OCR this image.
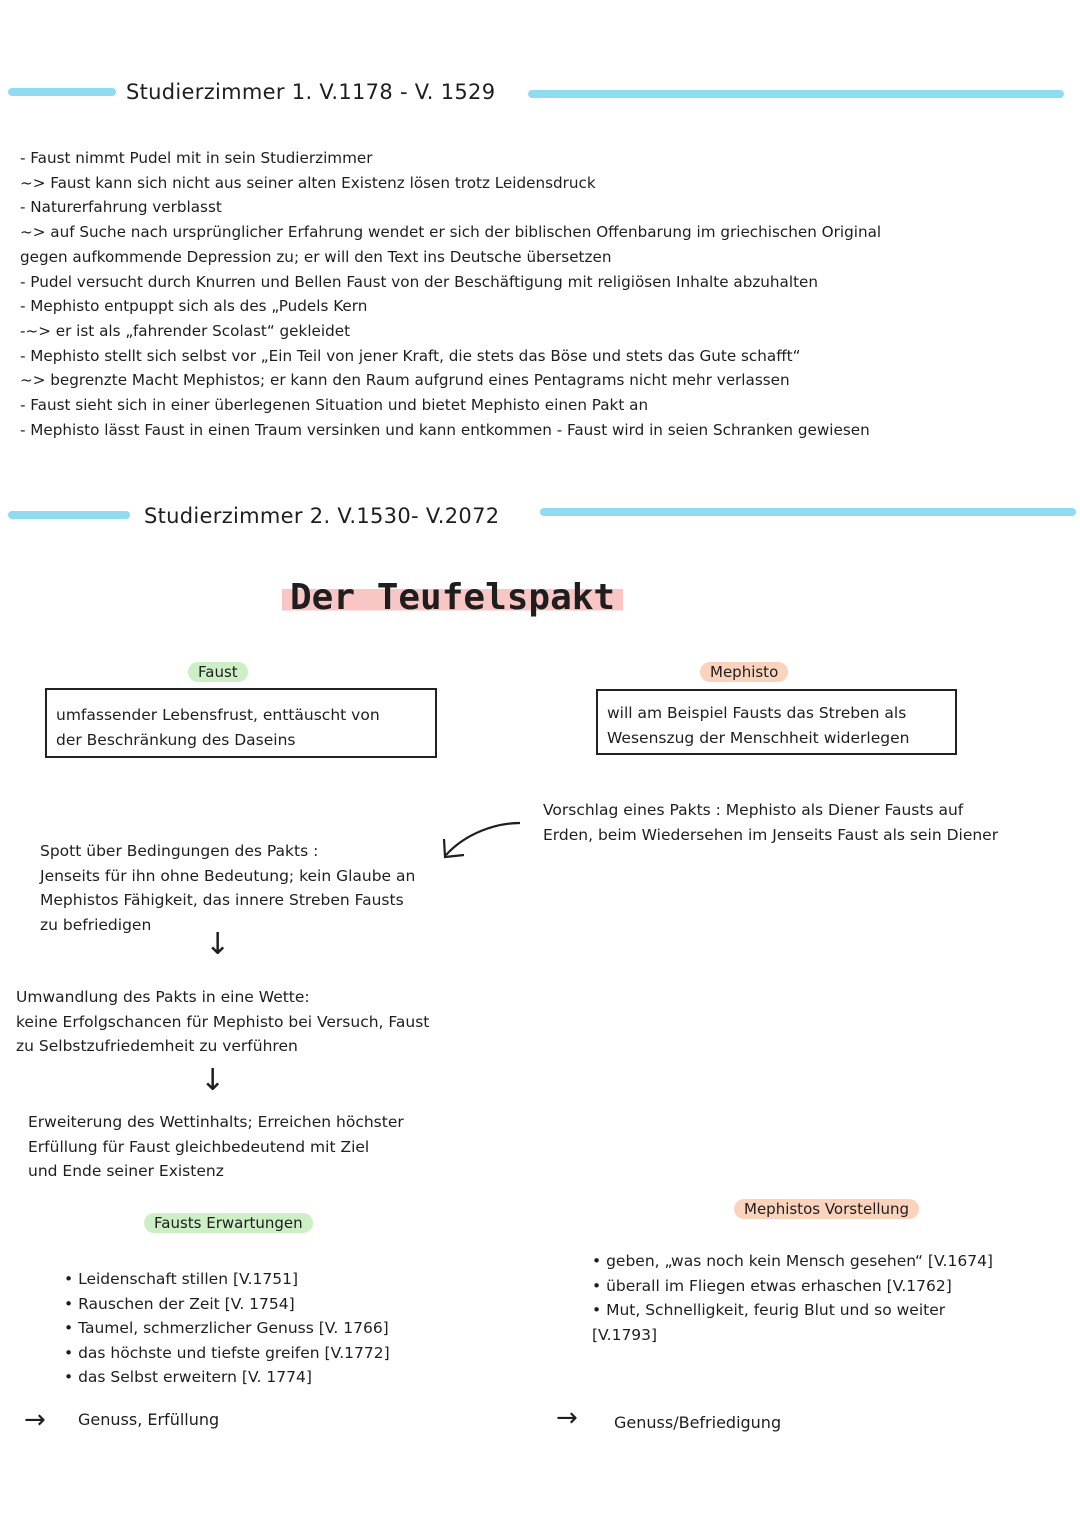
Studierzimmer 1. V.1178 - V. 1529
- Faust nimmt Pudel mit in sein Studierzimmer
~> Faust kann sich nicht aus seiner alten Existenz lösen trotz Leidensdruck
- Naturerfahrung verblasst
~> auf Suche nach ursprünglicher Erfahrung wendet er sich der biblischen Offenbarung im griechischen Original
gegen aufkommende Depression zu; er will den Text ins Deutsche übersetzen
- Pudel versucht durch Knurren und Bellen Faust von der Beschäftigung mit religiösen Inhalte abzuhalten
- Mephisto entpuppt sich als des „Pudels Kern
-~> er ist als „fahrender Scolast“ gekleidet
- Mephisto stellt sich selbst vor „Ein Teil von jener Kraft, die stets das Böse und stets das Gute schafft“
~> begrenzte Macht Mephistos; er kann den Raum aufgrund eines Pentagrams nicht mehr verlassen
- Faust sieht sich in einer überlegenen Situation und bietet Mephisto einen Pakt an
- Mephisto lässt Faust in einen Traum versinken und kann entkommen - Faust wird in seien Schranken gewiesen
Studierzimmer 2. V.1530- V.2072
Der Teufelspakt
Faust
umfassender Lebensfrust, enttäuscht von
der Beschränkung des Daseins
Mephisto
will am Beispiel Fausts das Streben als
Wesenszug der Menschheit widerlegen
Vorschlag eines Pakts : Mephisto als Diener Fausts auf
Erden, beim Wiedersehen im Jenseits Faust als sein Diener
Spott über Bedingungen des Pakts :
Jenseits für ihn ohne Bedeutung; kein Glaube an
Mephistos Fähigkeit, das innere Streben Fausts
zu befriedigen
↓
Umwandlung des Pakts in eine Wette:
keine Erfolgschancen für Mephisto bei Versuch, Faust
zu Selbstzufriedemheit zu verführen
↓
Erweiterung des Wettinhalts; Erreichen höchster
Erfüllung für Faust gleichbedeutend mit Ziel
und Ende seiner Existenz
Fausts Erwartungen
• Leidenschaft stillen [V.1751]
• Rauschen der Zeit [V. 1754]
• Taumel, schmerzlicher Genuss [V. 1766]
• das höchste und tiefste greifen [V.1772]
• das Selbst erweitern [V. 1774]
→ Genuss, Erfüllung
Mephistos Vorstellung
• geben, „was noch kein Mensch gesehen“ [V.1674]
• überall im Fliegen etwas erhaschen [V.1762]
• Mut, Schnelligkeit, feurig Blut und so weiter
[V.1793]
→ Genuss/Befriedigung
